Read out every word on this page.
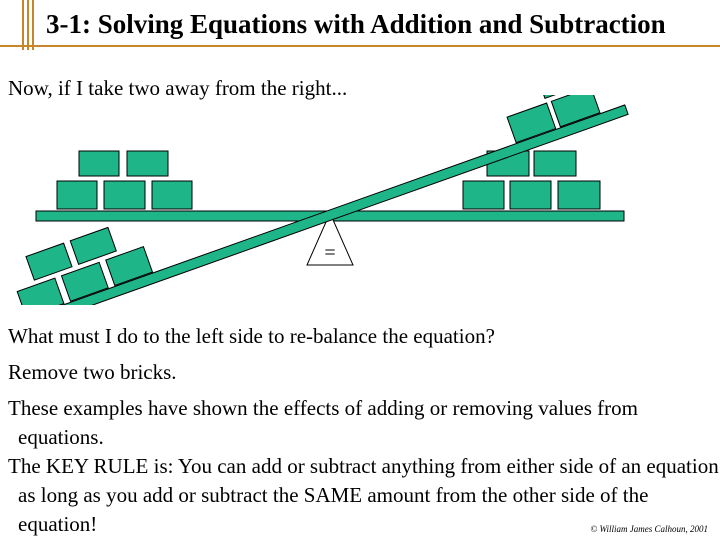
3-1: Solving Equations with Addition and Subtraction

Now, if I take two away from the right...

=

What must I do to the left side to re-balance the equation?

Remove two bricks.

These examples have shown the effects of adding or removing values from equations.

The KEY RULE is: You can add or subtract anything from either side of an equation as long as you add or subtract the SAME amount from the other side of the equation!	© William James Calhoun, 2001
